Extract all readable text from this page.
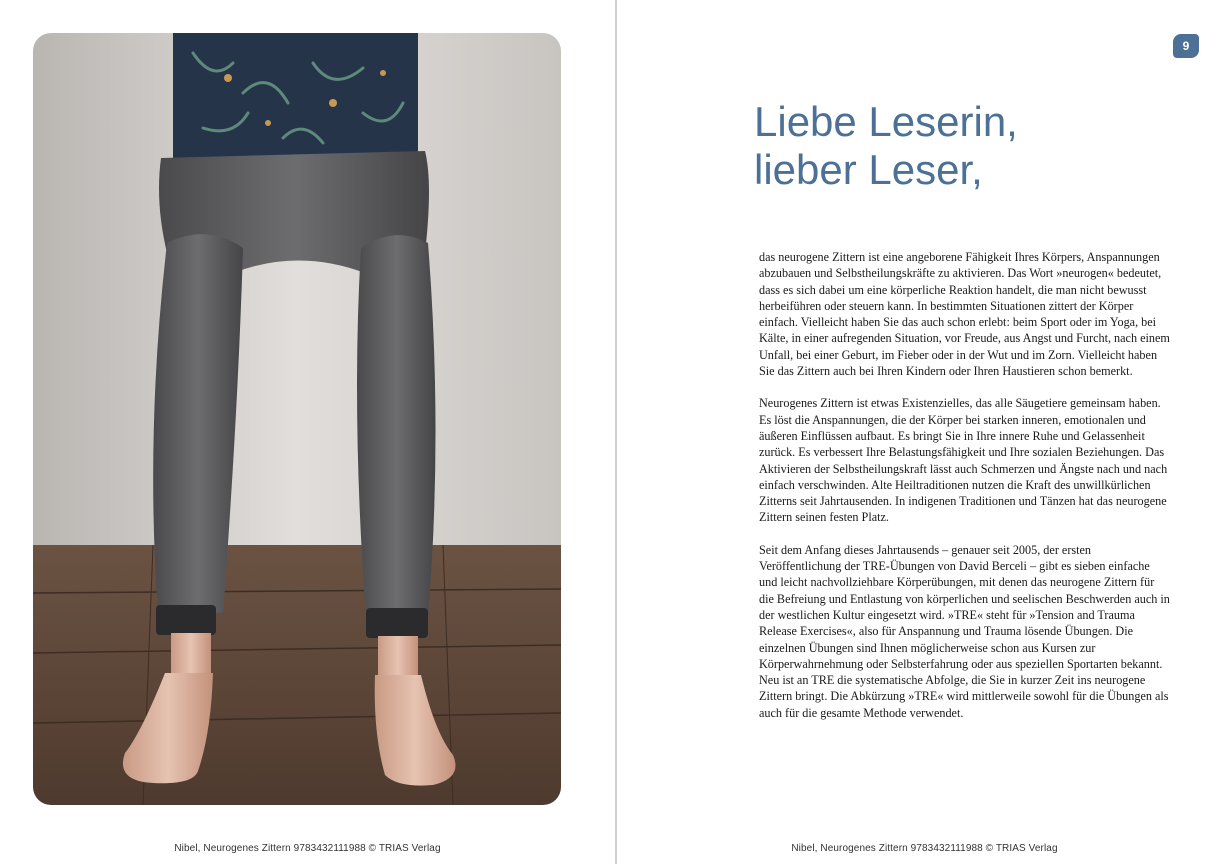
Nibel, Neurogenes Zittern 9783432111988 © TRIAS Verlag
9
Liebe Leserin,
lieber Leser,

das neurogene Zittern ist eine angeborene Fähigkeit Ihres Körpers, Anspannungen abzubauen und Selbstheilungskräfte zu aktivieren. Das Wort »neurogen« bedeutet, dass es sich dabei um eine körperliche Reaktion handelt, die man nicht bewusst herbeiführen oder steuern kann. In bestimmten Situationen zittert der Körper einfach. Vielleicht haben Sie das auch schon erlebt: beim Sport oder im Yoga, bei Kälte, in einer aufregenden Situation, vor Freude, aus Angst und Furcht, nach einem Unfall, bei einer Geburt, im Fieber oder in der Wut und im Zorn. Vielleicht haben Sie das Zittern auch bei Ihren Kindern oder Ihren Haustieren schon bemerkt.

Neurogenes Zittern ist etwas Existenzielles, das alle Säugetiere gemeinsam haben. Es löst die Anspannungen, die der Körper bei starken inneren, emotionalen und äußeren Einflüssen aufbaut. Es bringt Sie in Ihre innere Ruhe und Gelassenheit zurück. Es verbessert Ihre Belastungsfähigkeit und Ihre sozialen Beziehungen. Das Aktivieren der Selbstheilungskraft lässt auch Schmerzen und Ängste nach und nach einfach verschwinden. Alte Heiltraditionen nutzen die Kraft des unwillkürlichen Zitterns seit Jahrtausenden. In indigenen Traditionen und Tänzen hat das neurogene Zittern seinen festen Platz.

Seit dem Anfang dieses Jahrtausends – genauer seit 2005, der ersten Veröffentlichung der TRE-Übungen von David Berceli – gibt es sieben einfache und leicht nachvollziehbare Körperübungen, mit denen das neurogene Zittern für die Befreiung und Entlastung von körperlichen und seelischen Beschwerden auch in der westlichen Kultur eingesetzt wird. »TRE« steht für »Tension and Trauma Release Exercises«, also für Anspannung und Trauma lösende Übungen. Die einzelnen Übungen sind Ihnen möglicherweise schon aus Kursen zur Körperwahrnehmung oder Selbsterfahrung oder aus speziellen Sportarten bekannt. Neu ist an TRE die systematische Abfolge, die Sie in kurzer Zeit ins neurogene Zittern bringt. Die Abkürzung »TRE« wird mittlerweile sowohl für die Übungen als auch für die gesamte Methode verwendet.

Nibel, Neurogenes Zittern 9783432111988 © TRIAS Verlag
